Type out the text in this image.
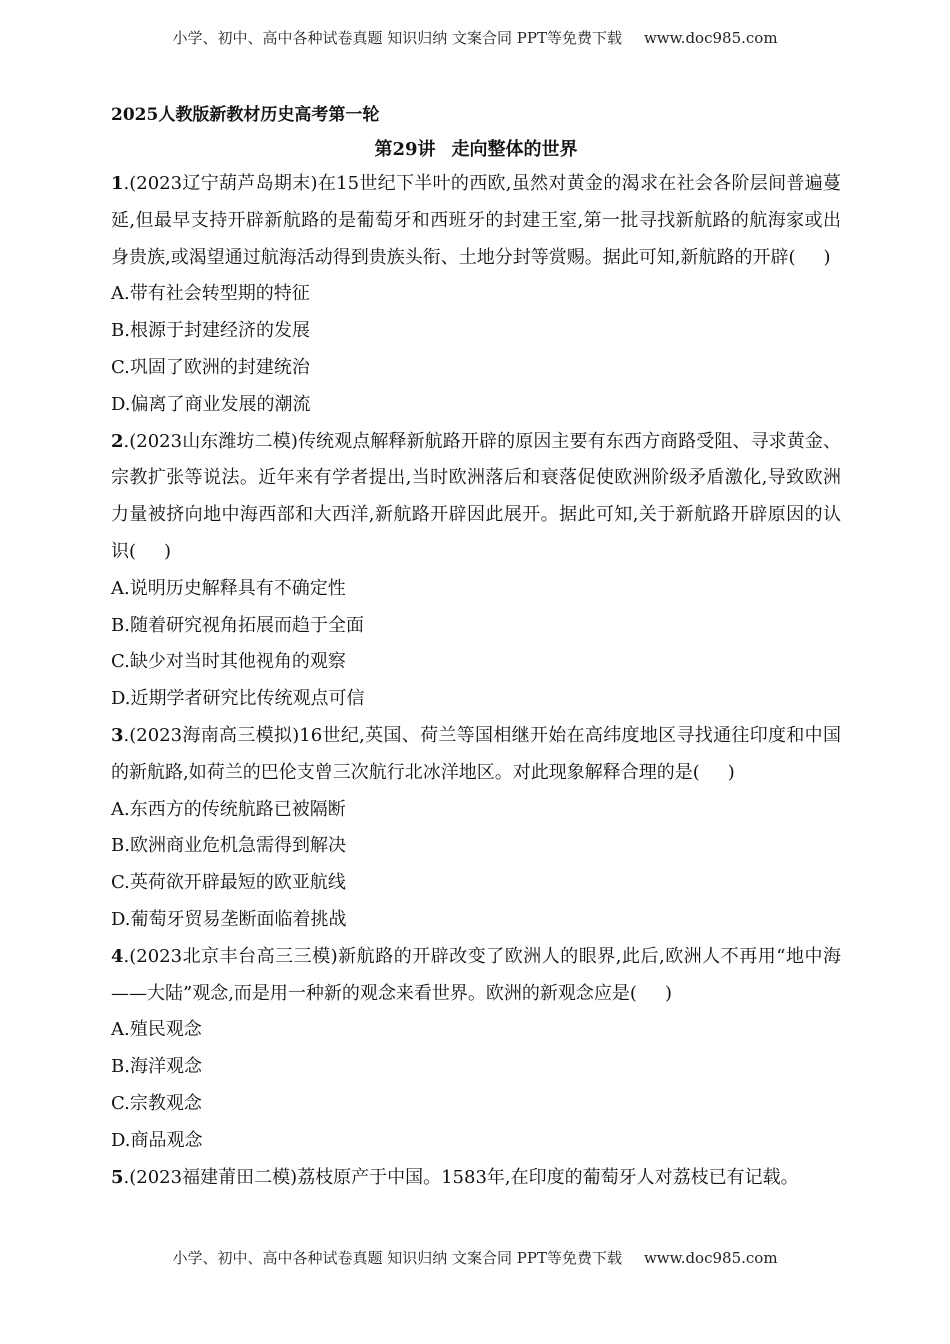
小学、初中、高中各种试卷真题 知识归纳 文案合同 PPT等免费下载 www.doc985.com
2025人教版新教材历史高考第一轮
第29讲 走向整体的世界

1.(2023辽宁葫芦岛期末)在15世纪下半叶的西欧,虽然对黄金的渴求在社会各阶层间普遍蔓延,但最早支持开辟新航路的是葡萄牙和西班牙的封建王室,第一批寻找新航路的航海家或出身贵族,或渴望通过航海活动得到贵族头衔、土地分封等赏赐。据此可知,新航路的开辟( )

A.带有社会转型期的特征

B.根源于封建经济的发展

C.巩固了欧洲的封建统治

D.偏离了商业发展的潮流

2.(2023山东潍坊二模)传统观点解释新航路开辟的原因主要有东西方商路受阻、寻求黄金、宗教扩张等说法。近年来有学者提出,当时欧洲落后和衰落促使欧洲阶级矛盾激化,导致欧洲力量被挤向地中海西部和大西洋,新航路开辟因此展开。据此可知,关于新航路开辟原因的认识( )

A.说明历史解释具有不确定性

B.随着研究视角拓展而趋于全面

C.缺少对当时其他视角的观察

D.近期学者研究比传统观点可信

3.(2023海南高三模拟)16世纪,英国、荷兰等国相继开始在高纬度地区寻找通往印度和中国的新航路,如荷兰的巴伦支曾三次航行北冰洋地区。对此现象解释合理的是( )

A.东西方的传统航路已被隔断

B.欧洲商业危机急需得到解决

C.英荷欲开辟最短的欧亚航线

D.葡萄牙贸易垄断面临着挑战

4.(2023北京丰台高三三模)新航路的开辟改变了欧洲人的眼界,此后,欧洲人不再用“地中海——大陆”观念,而是用一种新的观念来看世界。欧洲的新观念应是( )

A.殖民观念

B.海洋观念

C.宗教观念

D.商品观念

5.(2023福建莆田二模)荔枝原产于中国。1583年,在印度的葡萄牙人对荔枝已有记载。

小学、初中、高中各种试卷真题 知识归纳 文案合同 PPT等免费下载 www.doc985.com
